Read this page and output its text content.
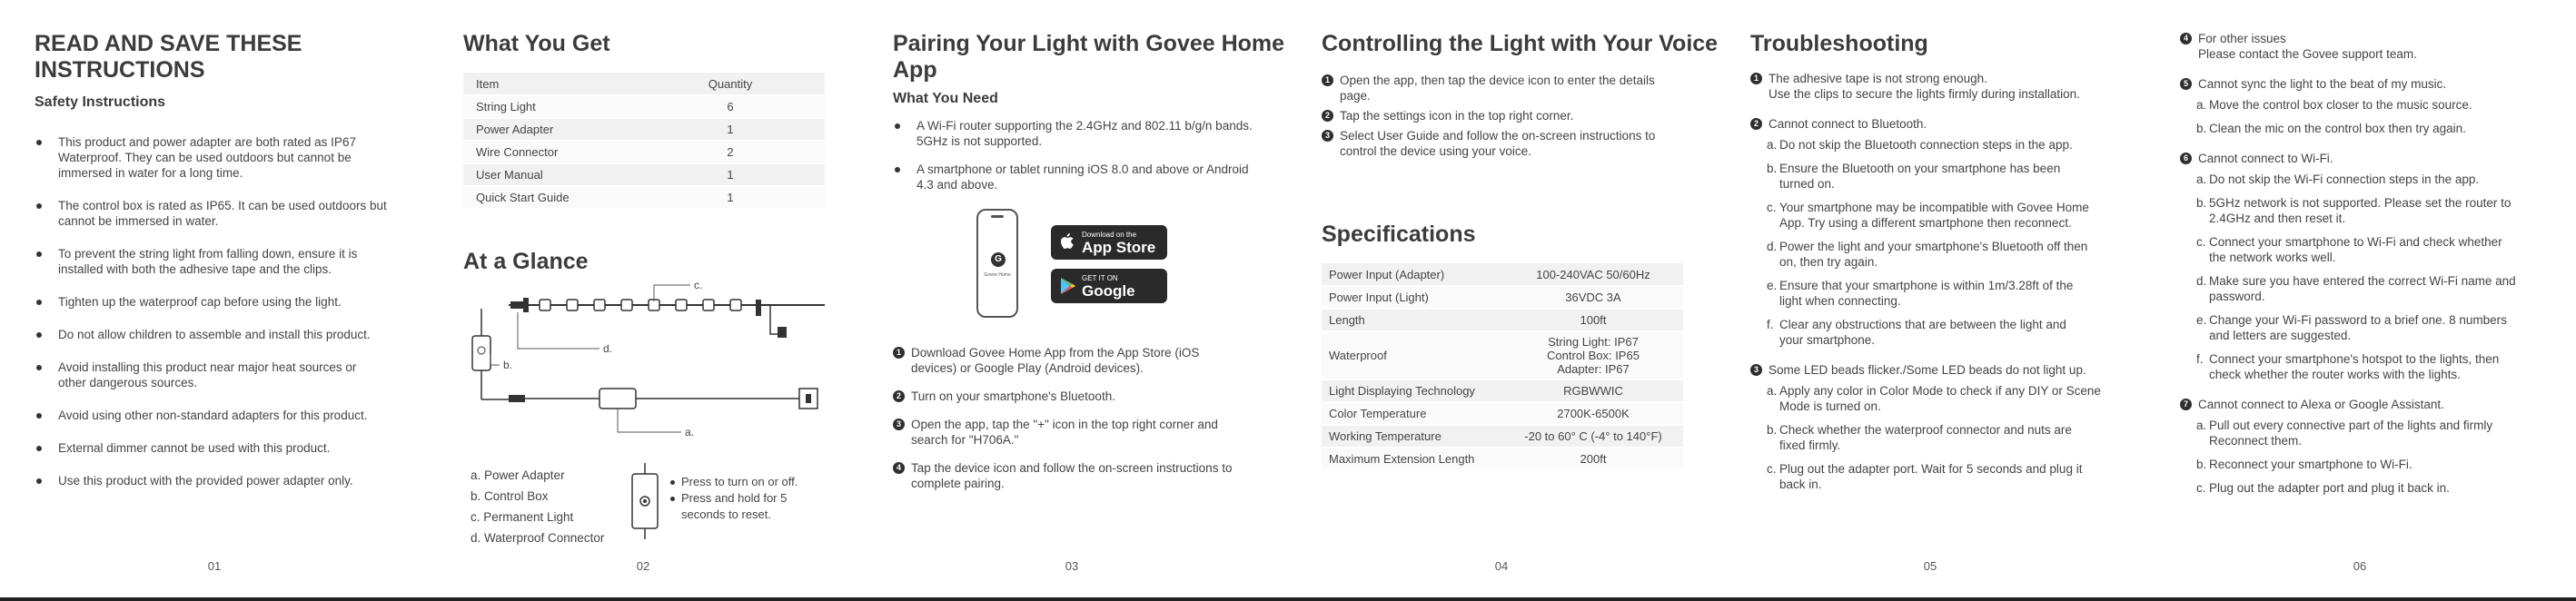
READ AND SAVE THESE
INSTRUCTIONS
Safety Instructions
This product and power adapter are both rated as IP67
Waterproof. They can be used outdoors but cannot be
immersed in water for a long time.
The control box is rated as IP65. It can be used outdoors but
cannot be immersed in water.
To prevent the string light from falling down, ensure it is
installed with both the adhesive tape and the clips.
Tighten up the waterproof cap before using the light.
Do not allow children to assemble and install this product.
Avoid installing this product near major heat sources or
other dangerous sources.
Avoid using other non-standard adapters for this product.
External dimmer cannot be used with this product.
Use this product with the provided power adapter only.
01
What You Get
Item	Quantity
String Light	6
Power Adapter	1
Wire Connector	2
User Manual	1
Quick Start Guide	1
At a Glance
c.
d.
b.
a.
a. Power Adapter
b. Control Box
c. Permanent Light
d. Waterproof Connector
Press to turn on or off.
Press and hold for 5
seconds to reset.
02
Pairing Your Light with Govee Home
App
What You Need
A Wi-Fi router supporting the 2.4GHz and 802.11 b/g/n bands.
5GHz is not supported.
A smartphone or tablet running iOS 8.0 and above or Android
4.3 and above.
G
Govee Home
Download on the
App Store
GET IT ON
Google Play
1 Download Govee Home App from the App Store (iOS
devices) or Google Play (Android devices).
2 Turn on your smartphone's Bluetooth.
3 Open the app, tap the "+" icon in the top right corner and
search for "H706A."
4 Tap the device icon and follow the on-screen instructions to
complete pairing.
03
Controlling the Light with Your Voice
1 Open the app, then tap the device icon to enter the details
page.
2 Tap the settings icon in the top right corner.
3 Select User Guide and follow the on-screen instructions to
control the device using your voice.
Specifications
Power Input (Adapter)	100-240VAC 50/60Hz
Power Input (Light)	36VDC 3A
Length	100ft
Waterproof	String Light: IP67
Control Box: IP65
Adapter: IP67
Light Displaying Technology	RGBWWIC
Color Temperature	2700K-6500K
Working Temperature	-20 to 60° C (-4° to 140°F)
Maximum Extension Length	200ft
04
Troubleshooting
1 The adhesive tape is not strong enough.
Use the clips to secure the lights firmly during installation.
2 Cannot connect to Bluetooth.
a. Do not skip the Bluetooth connection steps in the app.
b. Ensure the Bluetooth on your smartphone has been
turned on.
c. Your smartphone may be incompatible with Govee Home
App. Try using a different smartphone then reconnect.
d. Power the light and your smartphone's Bluetooth off then
on, then try again.
e. Ensure that your smartphone is within 1m/3.28ft of the
light when connecting.
f. Clear any obstructions that are between the light and
your smartphone.
3 Some LED beads flicker./Some LED beads do not light up.
a. Apply any color in Color Mode to check if any DIY or Scene
Mode is turned on.
b. Check whether the waterproof connector and nuts are
fixed firmly.
c. Plug out the adapter port. Wait for 5 seconds and plug it
back in.
05
4 For other issues
Please contact the Govee support team.
5 Cannot sync the light to the beat of my music.
a. Move the control box closer to the music source.
b. Clean the mic on the control box then try again.
6 Cannot connect to Wi-Fi.
a. Do not skip the Wi-Fi connection steps in the app.
b. 5GHz network is not supported. Please set the router to
2.4GHz and then reset it.
c. Connect your smartphone to Wi-Fi and check whether
the network works well.
d. Make sure you have entered the correct Wi-Fi name and
password.
e. Change your Wi-Fi password to a brief one. 8 numbers
and letters are suggested.
f. Connect your smartphone's hotspot to the lights, then
check whether the router works with the lights.
7 Cannot connect to Alexa or Google Assistant.
a. Pull out every connective part of the lights and firmly
Reconnect them.
b. Reconnect your smartphone to Wi-Fi.
c. Plug out the adapter port and plug it back in.
06
